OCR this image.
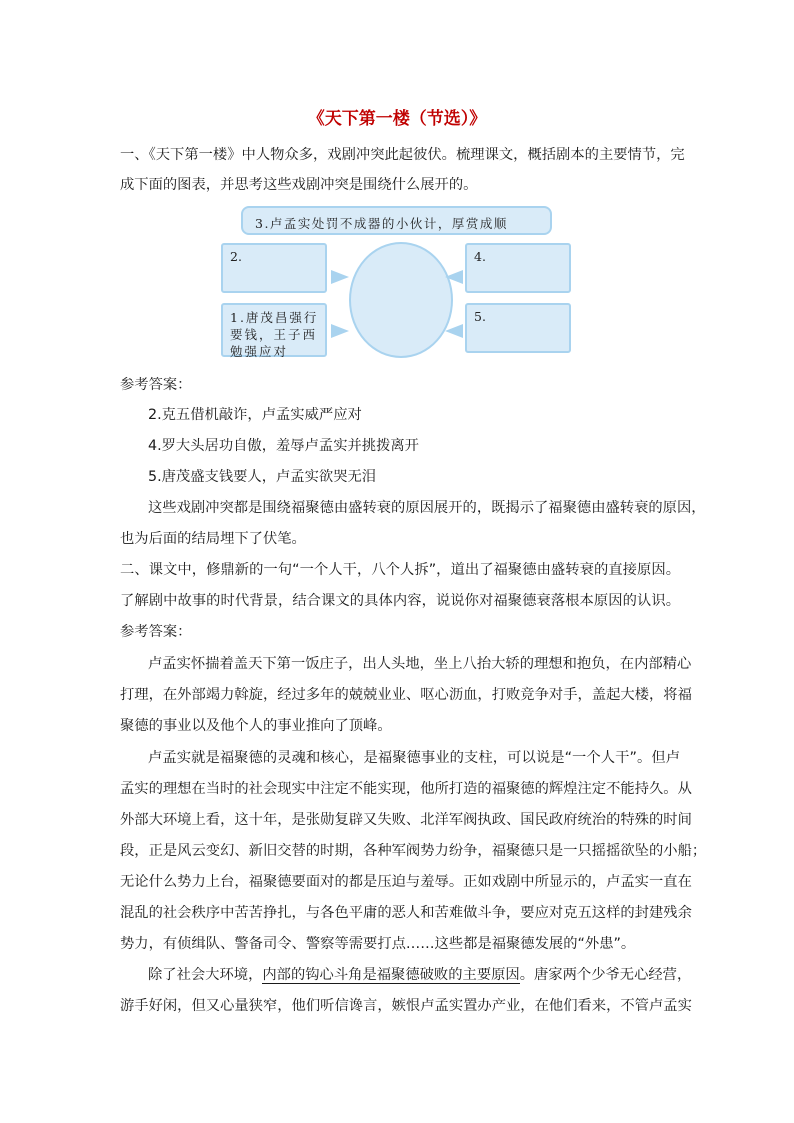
《天下第一楼（节选）》
一、《天下第一楼》中人物众多，戏剧冲突此起彼伏。梳理课文，概括剧本的主要情节，完
成下面的图表，并思考这些戏剧冲突是围绕什么展开的。
3.卢孟实处罚不成器的小伙计，厚赏成顺
2.	4.
1.唐茂昌强行
要钱，王子西
勉强应对
5.
参考答案：
2.克五借机敲诈，卢孟实威严应对
4.罗大头居功自傲，羞辱卢孟实并挑拨离开
5.唐茂盛支钱要人，卢孟实欲哭无泪
这些戏剧冲突都是围绕福聚德由盛转衰的原因展开的，既揭示了福聚德由盛转衰的原因，
也为后面的结局埋下了伏笔。
二、课文中，修鼎新的一句“一个人干，八个人拆”，道出了福聚德由盛转衰的直接原因。
了解剧中故事的时代背景，结合课文的具体内容，说说你对福聚德衰落根本原因的认识。
参考答案：
卢孟实怀揣着盖天下第一饭庄子，出人头地，坐上八抬大轿的理想和抱负，在内部精心
打理，在外部竭力斡旋，经过多年的兢兢业业、呕心沥血，打败竞争对手，盖起大楼，将福
聚德的事业以及他个人的事业推向了顶峰。
卢孟实就是福聚德的灵魂和核心，是福聚德事业的支柱，可以说是“一个人干”。但卢
孟实的理想在当时的社会现实中注定不能实现，他所打造的福聚德的辉煌注定不能持久。从
外部大环境上看，这十年，是张勋复辟又失败、北洋军阀执政、国民政府统治的特殊的时间
段，正是风云变幻、新旧交替的时期，各种军阀势力纷争，福聚德只是一只摇摇欲坠的小船；
无论什么势力上台，福聚德要面对的都是压迫与羞辱。正如戏剧中所显示的，卢孟实一直在
混乱的社会秩序中苦苦挣扎，与各色平庸的恶人和苦难做斗争，要应对克五这样的封建残余
势力，有侦缉队、警备司令、警察等需要打点……这些都是福聚德发展的“外患”。
除了社会大环境，内部的钩心斗角是福聚德破败的主要原因。唐家两个少爷无心经营，
游手好闲，但又心量狭窄，他们听信谗言，嫉恨卢孟实置办产业，在他们看来，不管卢孟实
